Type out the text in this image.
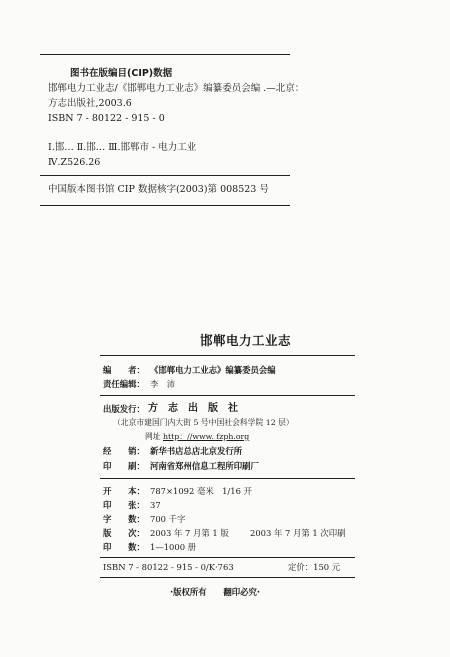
图书在版编目(CIP)数据
邯郸电力工业志/《邯郸电力工业志》编纂委员会编 .—北京：
方志出版社,2003.6
ISBN 7 - 80122 - 915 - 0
Ⅰ.邯… Ⅱ.邯… Ⅲ.邯郸市 - 电力工业
Ⅳ.Z526.26
中国版本图书馆 CIP 数据核字(2003)第 008523 号
邯郸电力工业志
编　　者： 《邯郸电力工业志》编纂委员会编
责任编辑： 李　沛
出版发行： 方　志　出　版　社
（北京市建国门内大街 5 号中国社会科学院 12 层）
网址 http：//www. fzph.org
经　　销： 新华书店总店北京发行所
印　　刷： 河南省郑州信息工程所印刷厂
开　　本： 787×1092 毫米　1/16 开
印　　张： 37
字　　数： 700 千字
版　　次： 2003 年 7 月第 1 版	2003 年 7 月第 1 次印刷
印　　数： 1—1000 册
ISBN 7 - 80122 - 915 - 0/K·763	定价：150 元
·版权所有　　翻印必究·
